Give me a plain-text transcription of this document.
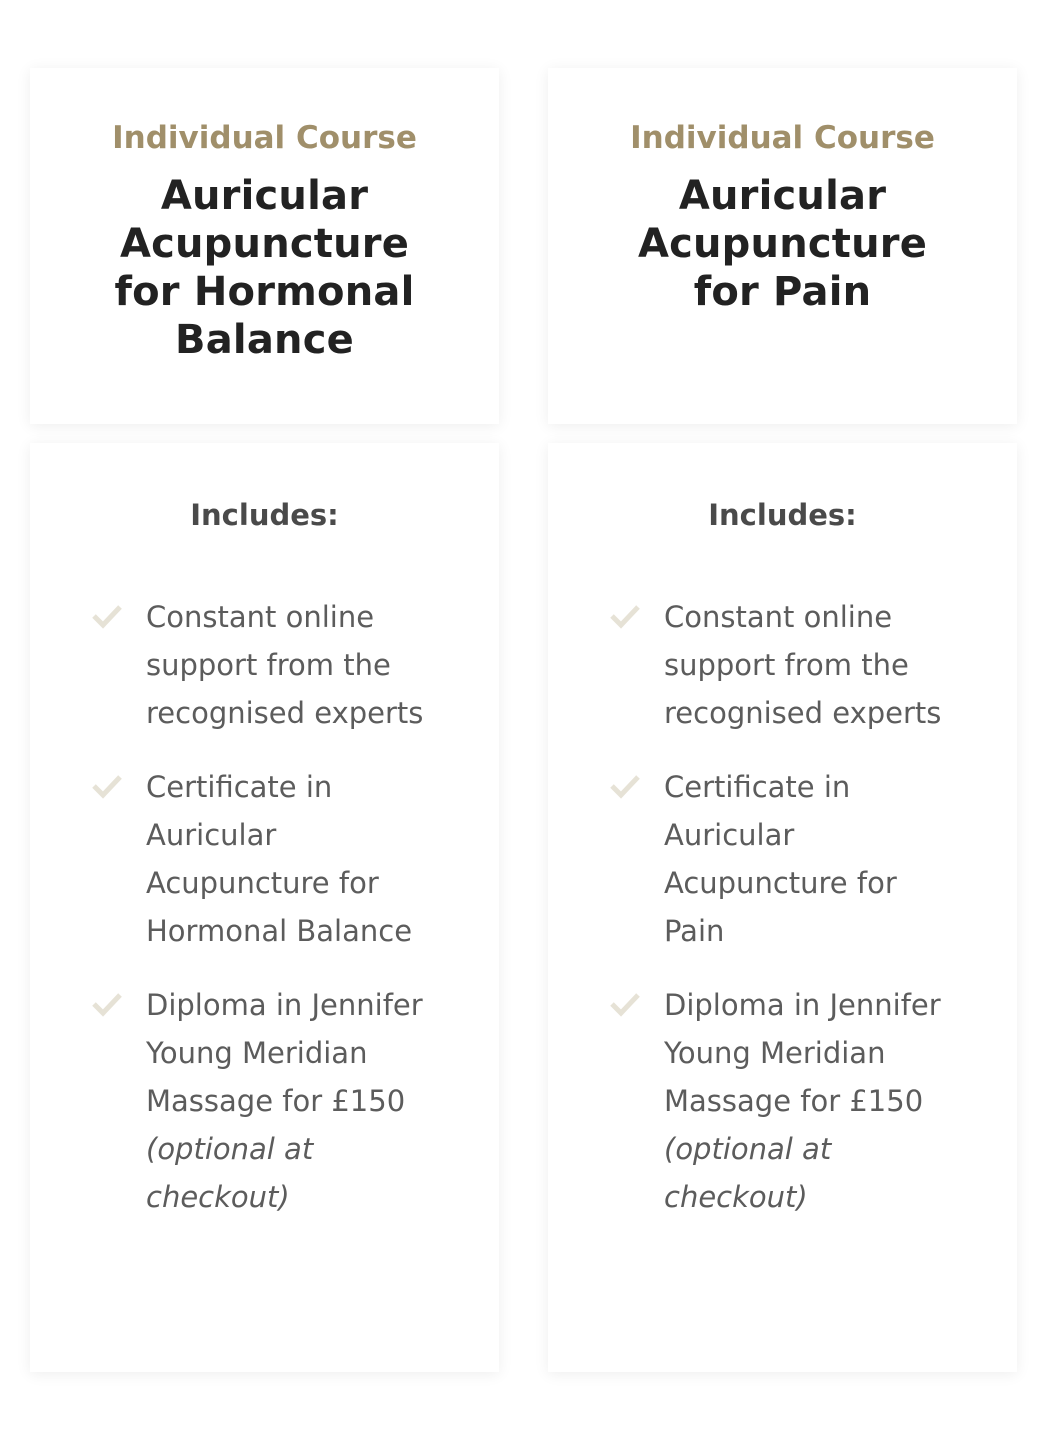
Individual Course

Auricular Acupuncture for Hormonal Balance

Includes:
Constant online support from the recognised experts
Certificate in Auricular Acupuncture for Hormonal Balance
Diploma in Jennifer Young Meridian Massage for £150 (optional at checkout)

Individual Course

Auricular Acupuncture for Pain

Includes:
Constant online support from the recognised experts
Certificate in Auricular Acupuncture for Pain
Diploma in Jennifer Young Meridian Massage for £150 (optional at checkout)
